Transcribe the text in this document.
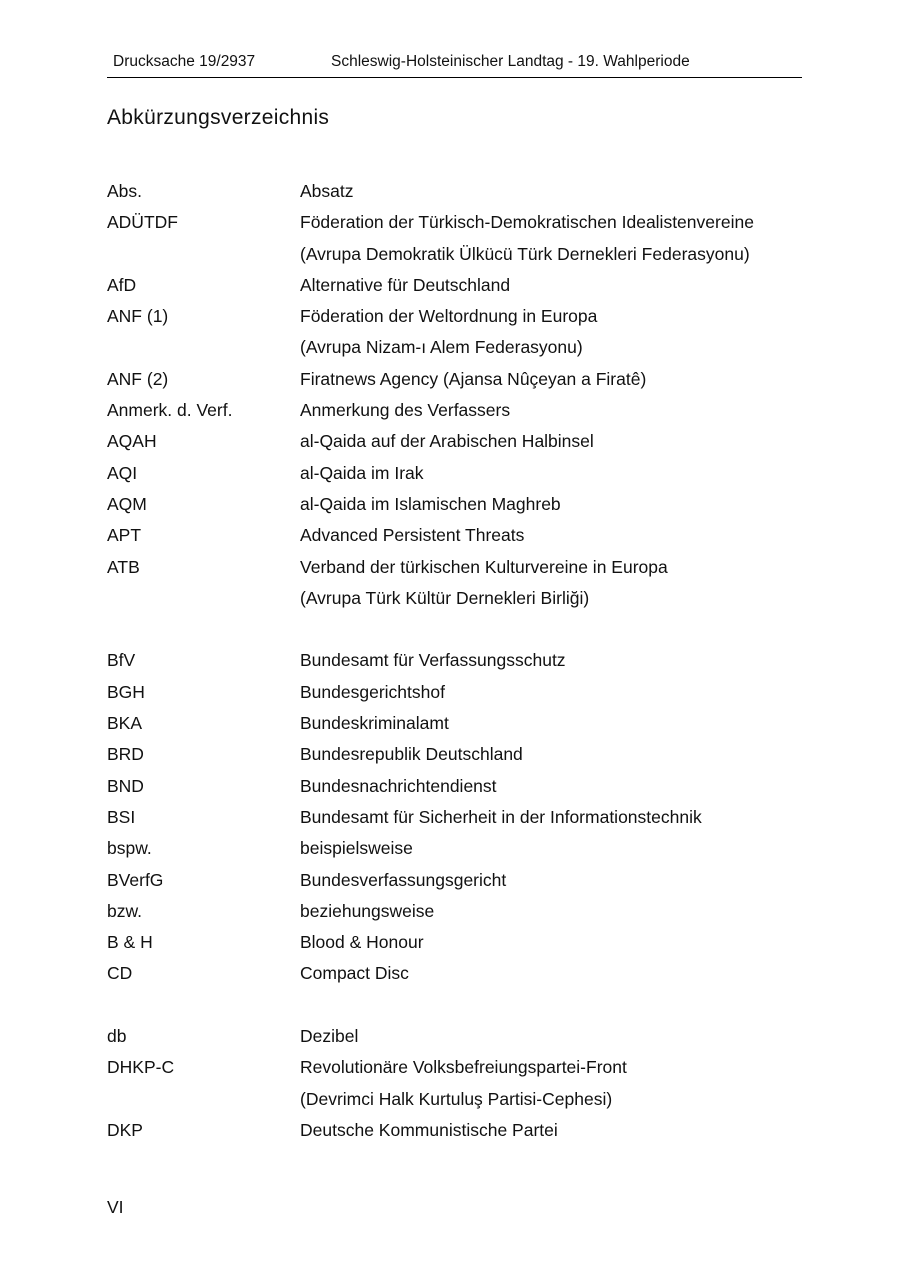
Drucksache 19/2937	Schleswig-Holsteinischer Landtag - 19. Wahlperiode
Abkürzungsverzeichnis
Abs.	Absatz
ADÜTDF	Föderation der Türkisch-Demokratischen Idealistenvereine
(Avrupa Demokratik Ülkücü Türk Dernekleri Federasyonu)
AfD	Alternative für Deutschland
ANF (1)	Föderation der Weltordnung in Europa
(Avrupa Nizam-ı Alem Federasyonu)
ANF (2)	Firatnews Agency (Ajansa Nûçeyan a Firatê)
Anmerk. d. Verf.	Anmerkung des Verfassers
AQAH	al-Qaida auf der Arabischen Halbinsel
AQI	al-Qaida im Irak
AQM	al-Qaida im Islamischen Maghreb
APT	Advanced Persistent Threats
ATB	Verband der türkischen Kulturvereine in Europa
(Avrupa Türk Kültür Dernekleri Birliği)
BfV	Bundesamt für Verfassungsschutz
BGH	Bundesgerichtshof
BKA	Bundeskriminalamt
BRD	Bundesrepublik Deutschland
BND	Bundesnachrichtendienst
BSI	Bundesamt für Sicherheit in der Informationstechnik
bspw.	beispielsweise
BVerfG	Bundesverfassungsgericht
bzw.	beziehungsweise
B & H	Blood & Honour
CD	Compact Disc
db	Dezibel
DHKP-C	Revolutionäre Volksbefreiungspartei-Front
(Devrimci Halk Kurtuluş Partisi-Cephesi)
DKP	Deutsche Kommunistische Partei
VI
